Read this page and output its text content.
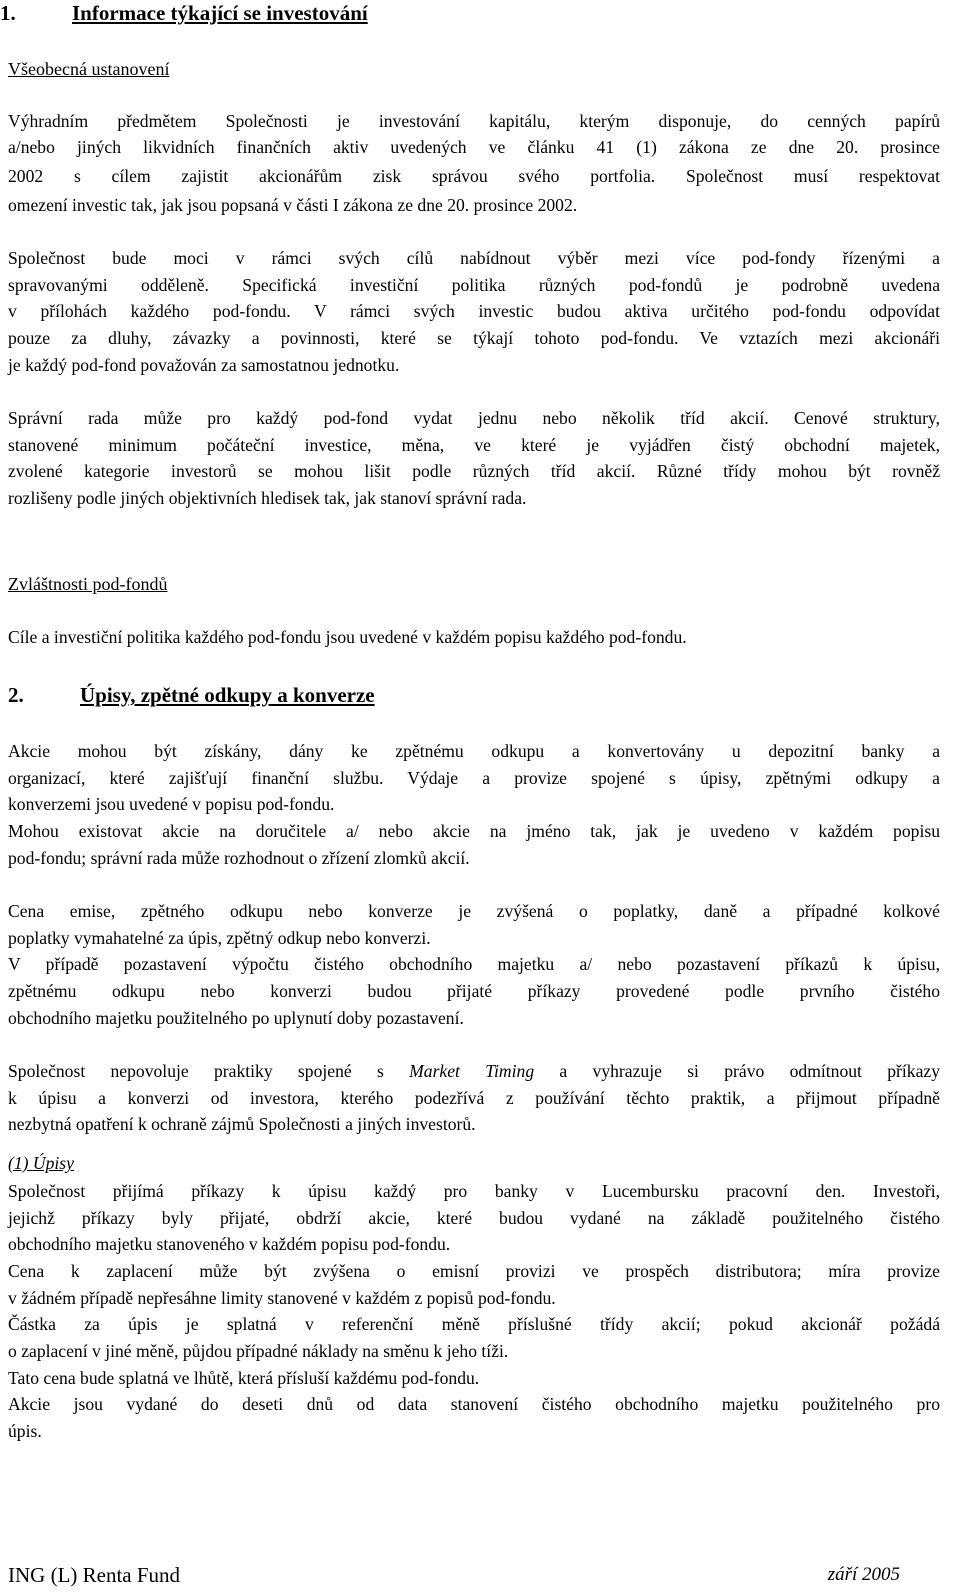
1.	Informace týkající se investování
Všeobecná ustanovení
Výhradním předmětem Společnosti je investování kapitálu, kterým disponuje, do cenných papírů
a/nebo jiných likvidních finančních aktiv uvedených ve článku 41 (1) zákona ze dne 20. prosince
2002 s cílem zajistit akcionářům zisk správou svého portfolia. Společnost musí respektovat
omezení investic tak, jak jsou popsaná v části I zákona ze dne 20. prosince 2002.
Společnost bude moci v rámci svých cílů nabídnout výběr mezi více pod-fondy řízenými a
spravovanými odděleně. Specifická investiční politika různých pod-fondů je podrobně uvedena
v přílohách každého pod-fondu. V rámci svých investic budou aktiva určitého pod-fondu odpovídat
pouze za dluhy, závazky a povinnosti, které se týkají tohoto pod-fondu. Ve vztazích mezi akcionáři
je každý pod-fond považován za samostatnou jednotku.
Správní rada může pro každý pod-fond vydat jednu nebo několik tříd akcií. Cenové struktury,
stanovené minimum počáteční investice, měna, ve které je vyjádřen čistý obchodní majetek,
zvolené kategorie investorů se mohou lišit podle různých tříd akcií. Různé třídy mohou být rovněž
rozlišeny podle jiných objektivních hledisek tak, jak stanoví správní rada.
Zvláštnosti pod-fondů
Cíle a investiční politika každého pod-fondu jsou uvedené v každém popisu každého pod-fondu.
2.	Úpisy, zpětné odkupy a konverze
Akcie mohou být získány, dány ke zpětnému odkupu a konvertovány u depozitní banky a
organizací, které zajišťují finanční službu. Výdaje a provize spojené s úpisy, zpětnými odkupy a
konverzemi jsou uvedené v popisu pod-fondu.
Mohou existovat akcie na doručitele a/ nebo akcie na jméno tak, jak je uvedeno v každém popisu
pod-fondu; správní rada může rozhodnout o zřízení zlomků akcií.
Cena emise, zpětného odkupu nebo konverze je zvýšená o poplatky, daně a případné kolkové
poplatky vymahatelné za úpis, zpětný odkup nebo konverzi.
V případě pozastavení výpočtu čistého obchodního majetku a/ nebo pozastavení příkazů k úpisu,
zpětnému odkupu nebo konverzi budou přijaté příkazy provedené podle prvního čistého
obchodního majetku použitelného po uplynutí doby pozastavení.
Společnost nepovoluje praktiky spojené s Market Timing a vyhrazuje si právo odmítnout příkazy
k úpisu a konverzi od investora, kterého podezřívá z používání těchto praktik, a přijmout případně
nezbytná opatření k ochraně zájmů Společnosti a jiných investorů.
(1) Úpisy
Společnost přijímá příkazy k úpisu každý pro banky v Lucembursku pracovní den. Investoři,
jejichž příkazy byly přijaté, obdrží akcie, které budou vydané na základě použitelného čistého
obchodního majetku stanoveného v každém popisu pod-fondu.
Cena k zaplacení může být zvýšena o emisní provizi ve prospěch distributora; míra provize
v žádném případě nepřesáhne limity stanovené v každém z popisů pod-fondu.
Částka za úpis je splatná v referenční měně příslušné třídy akcií; pokud akcionář požádá
o zaplacení v jiné měně, půjdou případné náklady na směnu k jeho tíži.
Tato cena bude splatná ve lhůtě, která přísluší každému pod-fondu.
Akcie jsou vydané do deseti dnů od data stanovení čistého obchodního majetku použitelného pro
úpis.
ING (L) Renta Fund	září 2005
